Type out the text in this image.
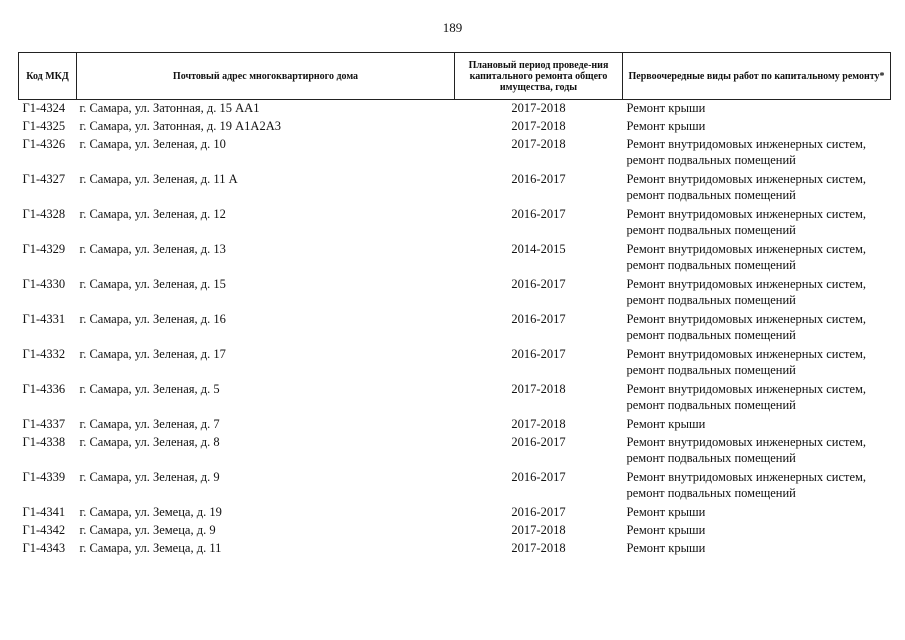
189
Код МКД	Почтовый адрес многоквартирного дома	Плановый период проведе-ния капитального ремонта общего имущества, годы	Первоочередные виды работ по капитальному ремонту*
Г1-4324	г. Самара, ул. Затонная, д. 15 АА1	2017-2018	Ремонт крыши

Г1-4325	г. Самара, ул. Затонная, д. 19 А1А2А3	2017-2018	Ремонт крыши

Г1-4326	г. Самара, ул. Зеленая, д. 10	2017-2018	Ремонт внутридомовых инженерных систем,
ремонт подвальных помещений

Г1-4327	г. Самара, ул. Зеленая, д. 11 А	2016-2017	Ремонт внутридомовых инженерных систем,
ремонт подвальных помещений

Г1-4328	г. Самара, ул. Зеленая, д. 12	2016-2017	Ремонт внутридомовых инженерных систем,
ремонт подвальных помещений

Г1-4329	г. Самара, ул. Зеленая, д. 13	2014-2015	Ремонт внутридомовых инженерных систем,
ремонт подвальных помещений

Г1-4330	г. Самара, ул. Зеленая, д. 15	2016-2017	Ремонт внутридомовых инженерных систем,
ремонт подвальных помещений

Г1-4331	г. Самара, ул. Зеленая, д. 16	2016-2017	Ремонт внутридомовых инженерных систем,
ремонт подвальных помещений

Г1-4332	г. Самара, ул. Зеленая, д. 17	2016-2017	Ремонт внутридомовых инженерных систем,
ремонт подвальных помещений

Г1-4336	г. Самара, ул. Зеленая, д. 5	2017-2018	Ремонт внутридомовых инженерных систем,
ремонт подвальных помещений

Г1-4337	г. Самара, ул. Зеленая, д. 7	2017-2018	Ремонт крыши

Г1-4338	г. Самара, ул. Зеленая, д. 8	2016-2017	Ремонт внутридомовых инженерных систем,
ремонт подвальных помещений

Г1-4339	г. Самара, ул. Зеленая, д. 9	2016-2017	Ремонт внутридомовых инженерных систем,
ремонт подвальных помещений

Г1-4341	г. Самара, ул. Земеца, д. 19	2016-2017	Ремонт крыши

Г1-4342	г. Самара, ул. Земеца, д. 9	2017-2018	Ремонт крыши

Г1-4343	г. Самара, ул. Земеца, д. 11	2017-2018	Ремонт крыши
